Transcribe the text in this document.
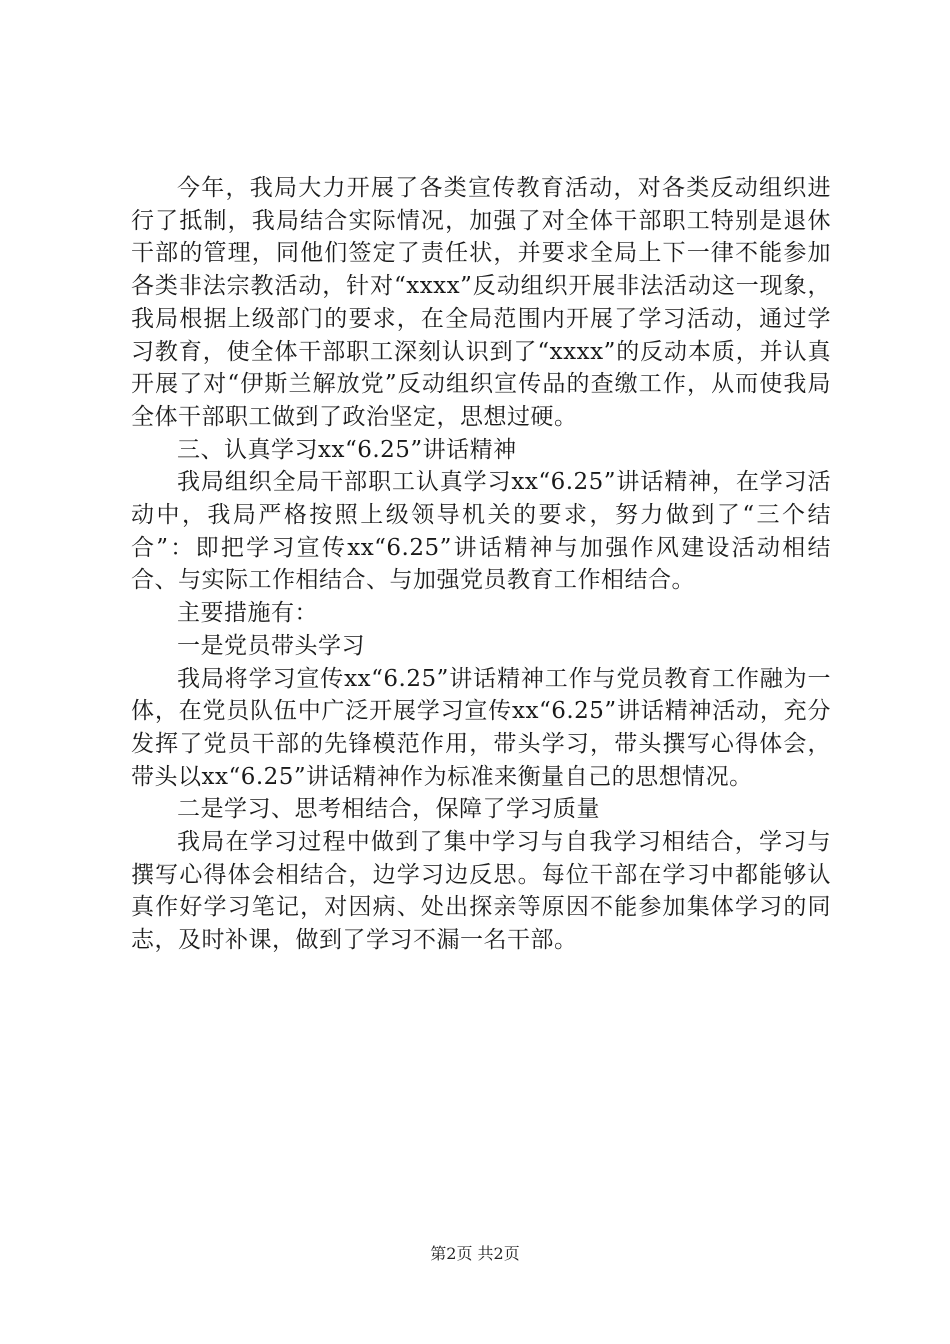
今年，我局大力开展了各类宣传教育活动，对各类反动组织进行了抵制，我局结合实际情况，加强了对全体干部职工特别是退休干部的管理，同他们签定了责任状，并要求全局上下一律不能参加各类非法宗教活动，针对“xxxx”反动组织开展非法活动这一现象，我局根据上级部门的要求，在全局范围内开展了学习活动，通过学习教育，使全体干部职工深刻认识到了“xxxx”的反动本质，并认真开展了对“伊斯兰解放党”反动组织宣传品的查缴工作，从而使我局全体干部职工做到了政治坚定，思想过硬。

三、认真学习xx“6.25”讲话精神

我局组织全局干部职工认真学习xx“6.25”讲话精神，在学习活动中，我局严格按照上级领导机关的要求，努力做到了“三个结合”：即把学习宣传xx“6.25”讲话精神与加强作风建设活动相结合、与实际工作相结合、与加强党员教育工作相结合。

主要措施有：

一是党员带头学习

我局将学习宣传xx“6.25”讲话精神工作与党员教育工作融为一体，在党员队伍中广泛开展学习宣传xx“6.25”讲话精神活动，充分发挥了党员干部的先锋模范作用，带头学习，带头撰写心得体会，带头以xx“6.25”讲话精神作为标准来衡量自己的思想情况。

二是学习、思考相结合，保障了学习质量

我局在学习过程中做到了集中学习与自我学习相结合，学习与撰写心得体会相结合，边学习边反思。每位干部在学习中都能够认真作好学习笔记，对因病、处出探亲等原因不能参加集体学习的同志，及时补课，做到了学习不漏一名干部。

第2页 共2页
